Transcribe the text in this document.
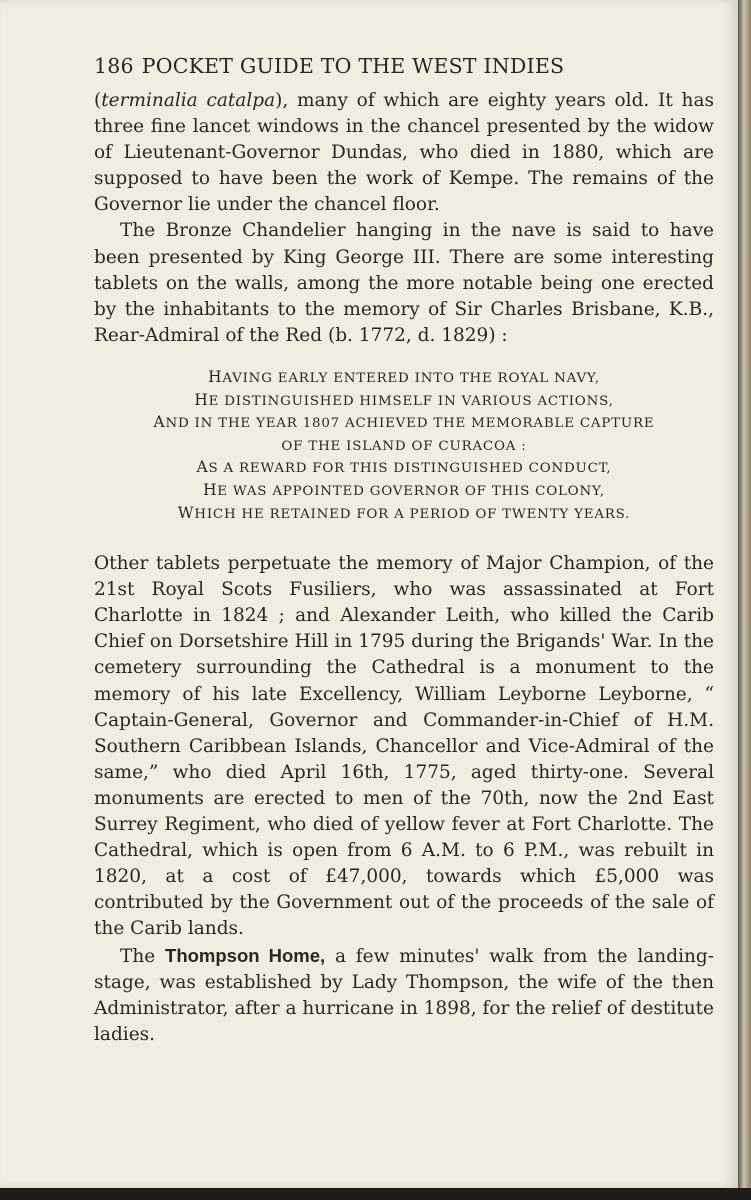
186 POCKET GUIDE TO THE WEST INDIES

(terminalia catalpa), many of which are eighty years old. It has three fine lancet windows in the chancel presented by the widow of Lieutenant-Governor Dundas, who died in 1880, which are supposed to have been the work of Kempe. The remains of the Governor lie under the chancel floor.

The Bronze Chandelier hanging in the nave is said to have been presented by King George III. There are some interesting tablets on the walls, among the more notable being one erected by the inhabitants to the memory of Sir Charles Brisbane, K.B., Rear-Admiral of the Red (b. 1772, d. 1829) :

HAVING EARLY ENTERED INTO THE ROYAL NAVY,
HE DISTINGUISHED HIMSELF IN VARIOUS ACTIONS,
AND IN THE YEAR 1807 ACHIEVED THE MEMORABLE CAPTURE
OF THE ISLAND OF CURACOA :
AS A REWARD FOR THIS DISTINGUISHED CONDUCT,
HE WAS APPOINTED GOVERNOR OF THIS COLONY,
WHICH HE RETAINED FOR A PERIOD OF TWENTY YEARS.

Other tablets perpetuate the memory of Major Champion, of the 21st Royal Scots Fusiliers, who was assassinated at Fort Charlotte in 1824 ; and Alexander Leith, who killed the Carib Chief on Dorsetshire Hill in 1795 during the Brigands' War. In the cemetery surrounding the Cathedral is a monument to the memory of his late Excellency, William Leyborne Leyborne, “ Captain-General, Governor and Commander-in-Chief of H.M. Southern Caribbean Islands, Chancellor and Vice-Admiral of the same,” who died April 16th, 1775, aged thirty-one. Several monuments are erected to men of the 70th, now the 2nd East Surrey Regiment, who died of yellow fever at Fort Charlotte. The Cathedral, which is open from 6 A.M. to 6 P.M., was rebuilt in 1820, at a cost of £47,000, towards which £5,000 was contributed by the Government out of the proceeds of the sale of the Carib lands.

The Thompson Home, a few minutes' walk from the landing-stage, was established by Lady Thompson, the wife of the then Administrator, after a hurricane in 1898, for the relief of destitute ladies.
